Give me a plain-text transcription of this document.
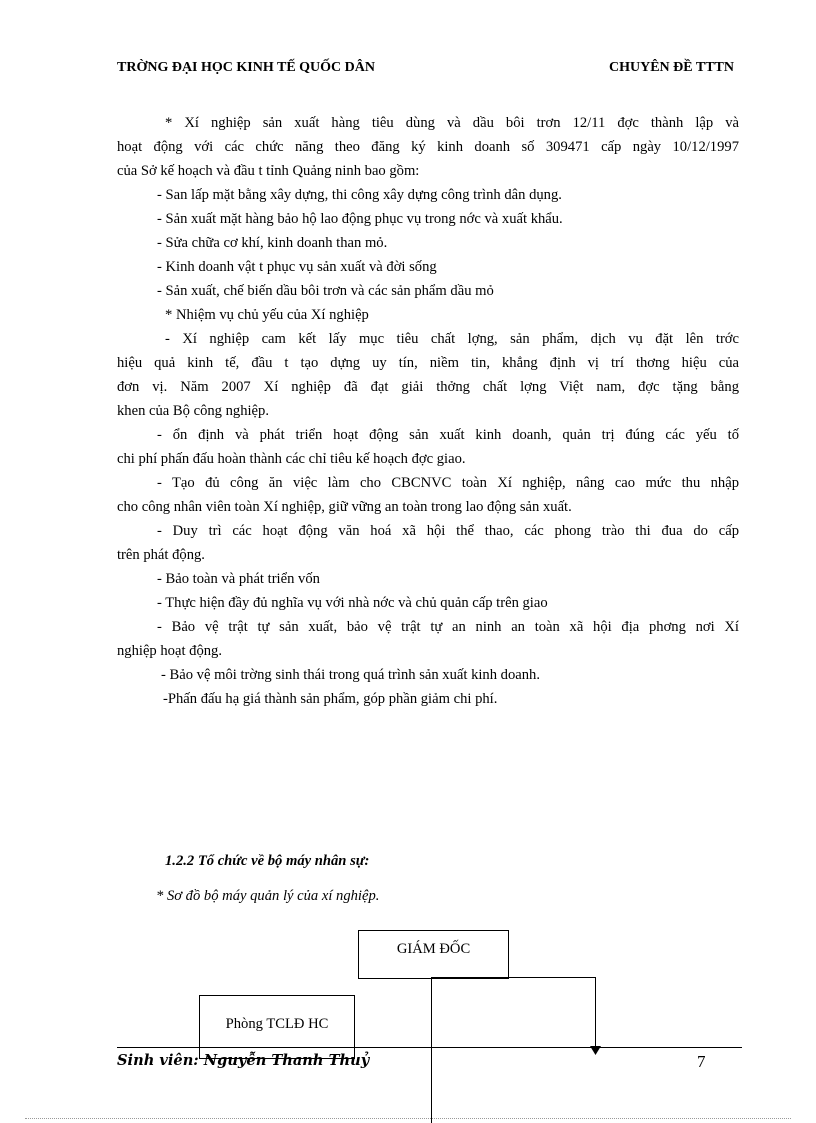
TRỜNG ĐẠI HỌC KINH TẾ QUỐC DÂN	CHUYÊN ĐỀ TTTN
* Xí nghiệp sản xuất hàng tiêu dùng và dầu bôi trơn 12/11 đợc thành lập và
hoạt động với các chức năng theo đăng ký kinh doanh số 309471 cấp ngày 10/12/1997
của Sở kế hoạch và đầu t tỉnh Quảng ninh bao gồm:
- San lấp mặt bằng xây dựng, thi công xây dựng công trình dân dụng.
- Sản xuất mặt hàng bảo hộ lao động phục vụ trong nớc và xuất khẩu.
- Sửa chữa cơ khí, kinh doanh than mỏ.
- Kinh doanh vật t phục vụ sản xuất và đời sống
- Sản xuất, chế biến dầu bôi trơn và các sản phẩm dầu mỏ
* Nhiệm vụ chủ yếu của Xí nghiệp
- Xí nghiệp cam kết lấy mục tiêu chất lợng, sản phẩm, dịch vụ đặt lên trớc
hiệu quả kinh tế, đầu t tạo dựng uy tín, niềm tin, khẳng định vị trí thơng hiệu của
đơn vị. Năm 2007 Xí nghiệp đã đạt giải thởng chất lợng Việt nam, đợc tặng bằng
khen của Bộ công nghiệp.
- ổn định và phát triển hoạt động sản xuất kinh doanh, quản trị đúng các yếu tố
chi phí phấn đấu hoàn thành các chỉ tiêu kế hoạch đợc giao.
- Tạo đủ công ăn việc làm cho CBCNVC toàn Xí nghiệp, nâng cao mức thu nhập
cho công nhân viên toàn Xí nghiệp, giữ vững an toàn trong lao động sản xuất.
- Duy trì các hoạt động văn hoá xã hội thể thao, các phong trào thi đua do cấp
trên phát động.
- Bảo toàn và phát triển vốn
- Thực hiện đầy đủ nghĩa vụ với nhà nớc và chủ quản cấp trên giao
- Bảo vệ trật tự sản xuất, bảo vệ trật tự an ninh an toàn xã hội địa phơng nơi Xí
nghiệp hoạt động.
- Bảo vệ môi trờng sinh thái trong quá trình sản xuất kinh doanh.
-Phấn đấu hạ giá thành sản phẩm, góp phần giảm chi phí.
1.2.2 Tổ chức về bộ máy nhân sự:
* Sơ đồ bộ máy quản lý của xí nghiệp.
GIÁM ĐỐC
Phòng TCLĐ HC
Sinh viên: Nguyễn Thanh Thuỷ	7
